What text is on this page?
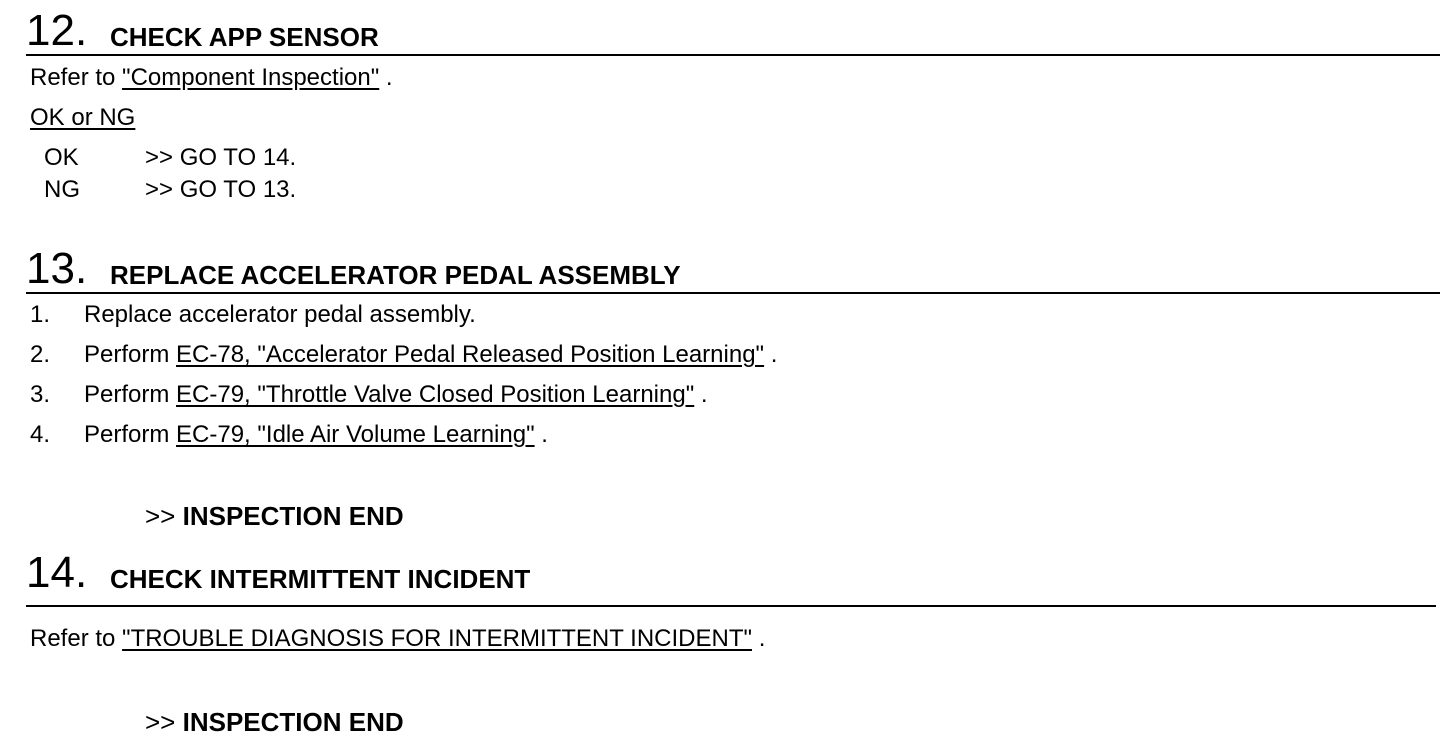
12. CHECK APP SENSOR
Refer to "Component Inspection" .
OK or NG
OK	>> GO TO 14.
NG	>> GO TO 13.
13. REPLACE ACCELERATOR PEDAL ASSEMBLY
1. Replace accelerator pedal assembly.
2. Perform EC-78, "Accelerator Pedal Released Position Learning" .
3. Perform EC-79, "Throttle Valve Closed Position Learning" .
4. Perform EC-79, "Idle Air Volume Learning" .
>> INSPECTION END
14. CHECK INTERMITTENT INCIDENT
Refer to "TROUBLE DIAGNOSIS FOR INTERMITTENT INCIDENT" .
>> INSPECTION END
